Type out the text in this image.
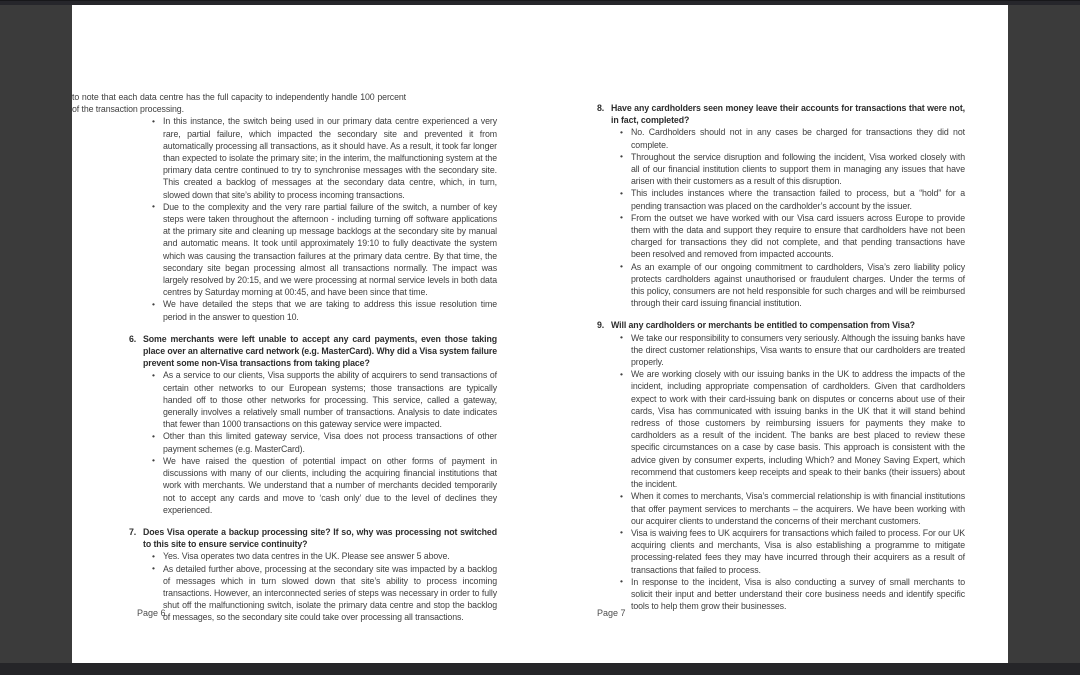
to note that each data centre has the full capacity to independently handle 100 percent of the transaction processing.

• In this instance, the switch being used in our primary data centre experienced a very rare, partial failure, which impacted the secondary site and prevented it from automatically processing all transactions, as it should have. As a result, it took far longer than expected to isolate the primary site; in the interim, the malfunctioning system at the primary data centre continued to try to synchronise messages with the secondary site. This created a backlog of messages at the secondary data centre, which, in turn, slowed down that site’s ability to process incoming transactions.

• Due to the complexity and the very rare partial failure of the switch, a number of key steps were taken throughout the afternoon - including turning off software applications at the primary site and cleaning up message backlogs at the secondary site by manual and automatic means. It took until approximately 19:10 to fully deactivate the system which was causing the transaction failures at the primary data centre. By that time, the secondary site began processing almost all transactions normally. The impact was largely resolved by 20:15, and we were processing at normal service levels in both data centres by Saturday morning at 00:45, and have been since that time.

• We have detailed the steps that we are taking to address this issue resolution time period in the answer to question 10.

6. Some merchants were left unable to accept any card payments, even those taking place over an alternative card network (e.g. MasterCard). Why did a Visa system failure prevent some non-Visa transactions from taking place?
• As a service to our clients, Visa supports the ability of acquirers to send transactions of certain other networks to our European systems; those transactions are typically handed off to those other networks for processing. This service, called a gateway, generally involves a relatively small number of transactions. Analysis to date indicates that fewer than 1000 transactions on this gateway service were impacted.

• Other than this limited gateway service, Visa does not process transactions of other payment schemes (e.g. MasterCard).

• We have raised the question of potential impact on other forms of payment in discussions with many of our clients, including the acquiring financial institutions that work with merchants. We understand that a number of merchants decided temporarily not to accept any cards and move to ‘cash only’ due to the level of declines they experienced.

7. Does Visa operate a backup processing site? If so, why was processing not switched to this site to ensure service continuity?
• Yes. Visa operates two data centres in the UK. Please see answer 5 above.

• As detailed further above, processing at the secondary site was impacted by a backlog of messages which in turn slowed down that site’s ability to process incoming transactions. However, an interconnected series of steps was necessary in order to fully shut off the malfunctioning switch, isolate the primary data centre and stop the backlog of messages, so the secondary site could take over processing all transactions.

Page 6
8. Have any cardholders seen money leave their accounts for transactions that were not, in fact, completed?
• No. Cardholders should not in any cases be charged for transactions they did not complete.

• Throughout the service disruption and following the incident, Visa worked closely with all of our financial institution clients to support them in managing any issues that have arisen with their customers as a result of this disruption.

• This includes instances where the transaction failed to process, but a “hold” for a pending transaction was placed on the cardholder’s account by the issuer.

• From the outset we have worked with our Visa card issuers across Europe to provide them with the data and support they require to ensure that cardholders have not been charged for transactions they did not complete, and that pending transactions have been resolved and removed from impacted accounts.

• As an example of our ongoing commitment to cardholders, Visa’s zero liability policy protects cardholders against unauthorised or fraudulent charges. Under the terms of this policy, consumers are not held responsible for such charges and will be reimbursed through their card issuing financial institution.

9. Will any cardholders or merchants be entitled to compensation from Visa?
• We take our responsibility to consumers very seriously. Although the issuing banks have the direct customer relationships, Visa wants to ensure that our cardholders are treated properly.

• We are working closely with our issuing banks in the UK to address the impacts of the incident, including appropriate compensation of cardholders. Given that cardholders expect to work with their card-issuing bank on disputes or concerns about use of their cards, Visa has communicated with issuing banks in the UK that it will stand behind redress of those customers by reimbursing issuers for payments they make to cardholders as a result of the incident. The banks are best placed to review these specific circumstances on a case by case basis. This approach is consistent with the advice given by consumer experts, including Which? and Money Saving Expert, which recommend that customers keep receipts and speak to their banks (their issuers) about the incident.

• When it comes to merchants, Visa’s commercial relationship is with financial institutions that offer payment services to merchants – the acquirers. We have been working with our acquirer clients to understand the concerns of their merchant customers.

• Visa is waiving fees to UK acquirers for transactions which failed to process. For our UK acquiring clients and merchants, Visa is also establishing a programme to mitigate processing-related fees they may have incurred through their acquirers as a result of transactions that failed to process.

• In response to the incident, Visa is also conducting a survey of small merchants to solicit their input and better understand their core business needs and identify specific tools to help them grow their businesses.

Page 7
